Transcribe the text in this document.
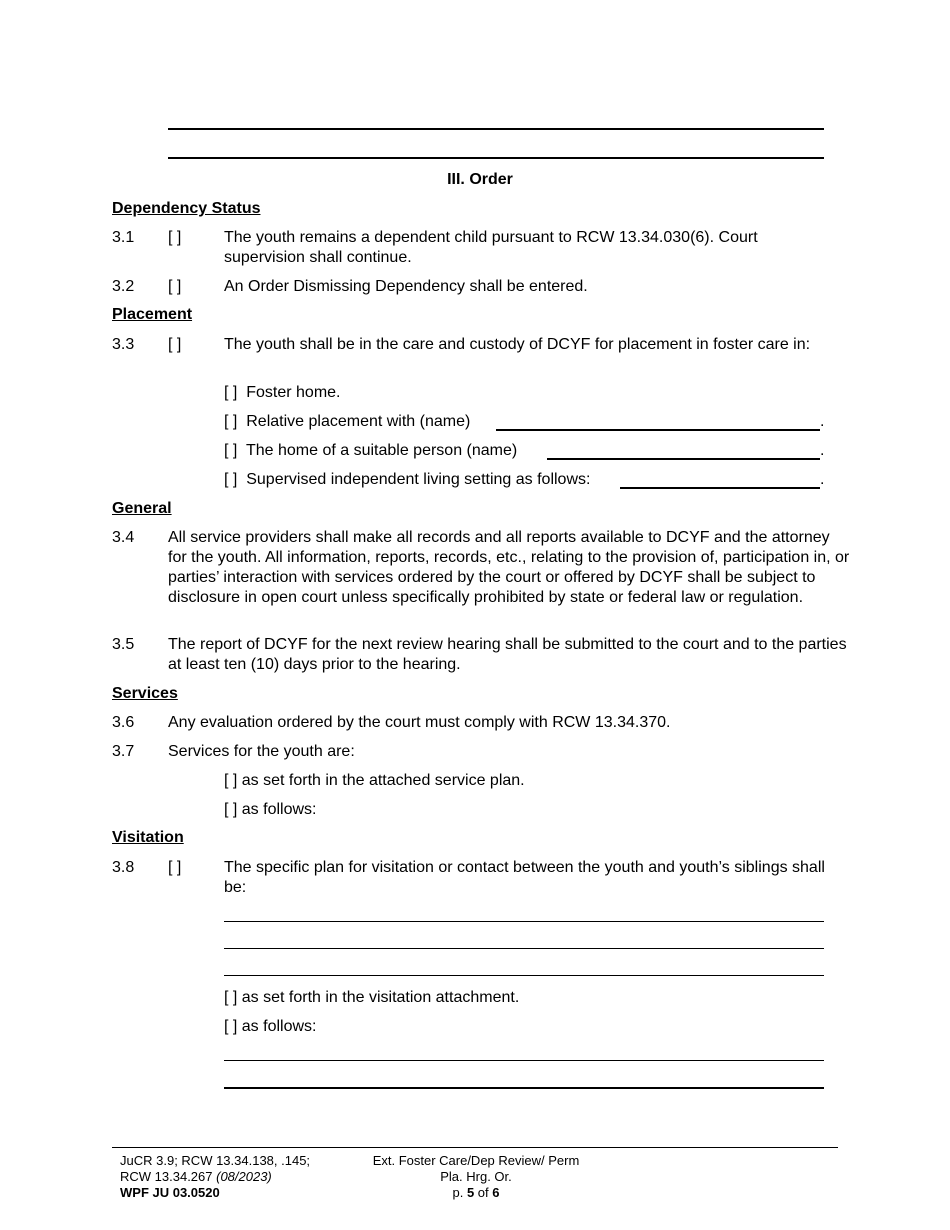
III. Order
Dependency Status
3.1 [ ]	The youth remains a dependent child pursuant to RCW 13.34.030(6). Court supervision shall continue.
3.2 [ ]	An Order Dismissing Dependency shall be entered.
Placement
3.3 [ ]	The youth shall be in the care and custody of DCYF for placement in foster care in:
[ ] Foster home.
[ ] Relative placement with (name)	.
[ ] The home of a suitable person (name)	.
[ ] Supervised independent living setting as follows:	.
General
3.4 All service providers shall make all records and all reports available to DCYF and the attorney for the youth. All information, reports, records, etc., relating to the provision of, participation in, or parties’ interaction with services ordered by the court or offered by DCYF shall be subject to disclosure in open court unless specifically prohibited by state or federal law or regulation.
3.5 The report of DCYF for the next review hearing shall be submitted to the court and to the parties at least ten (10) days prior to the hearing.
Services
3.6 Any evaluation ordered by the court must comply with RCW 13.34.370.
3.7 Services for the youth are:
[ ] as set forth in the attached service plan.
[ ] as follows:
Visitation
3.8 [ ]	The specific plan for visitation or contact between the youth and youth’s siblings shall be:
[ ] as set forth in the visitation attachment.
[ ] as follows:
JuCR 3.9; RCW 13.34.138, .145;
RCW 13.34.267 (08/2023)
WPF JU 03.0520
Ext. Foster Care/Dep Review/ Perm
Pla. Hrg. Or.
p. 5 of 6
